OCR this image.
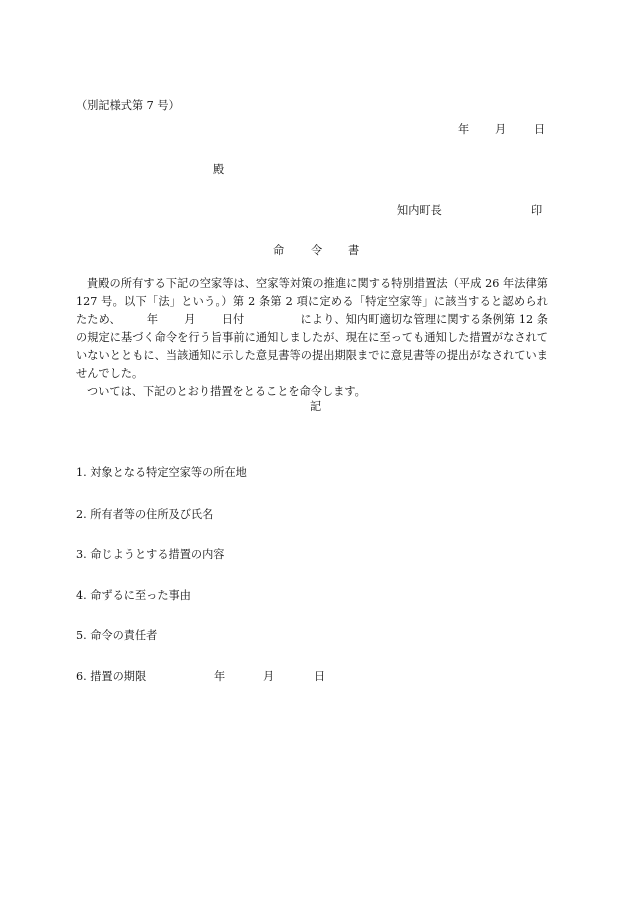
（別記様式第 7 号）
年 月 日
殿
知内町長	印
命 令 書

貴殿の所有する下記の空家等は、空家等対策の推進に関する特別措置法（平成 26 年法律第 127 号。以下「法」という。）第 2 条第 2 項に定める「特定空家等」に該当すると認められたため、 年 月 日付	により、知内町適切な管理に関する条例第 12 条の規定に基づく命令を行う旨事前に通知しましたが、現在に至っても通知した措置がなされていないとともに、当該通知に示した意見書等の提出期限までに意見書等の提出がなされていませんでした。

ついては、下記のとおり措置をとることを命令します。

記
1. 対象となる特定空家等の所在地
2. 所有者等の住所及び氏名
3. 命じようとする措置の内容
4. 命ずるに至った事由
5. 命令の責任者
6. 措置の期限	年	月	日
